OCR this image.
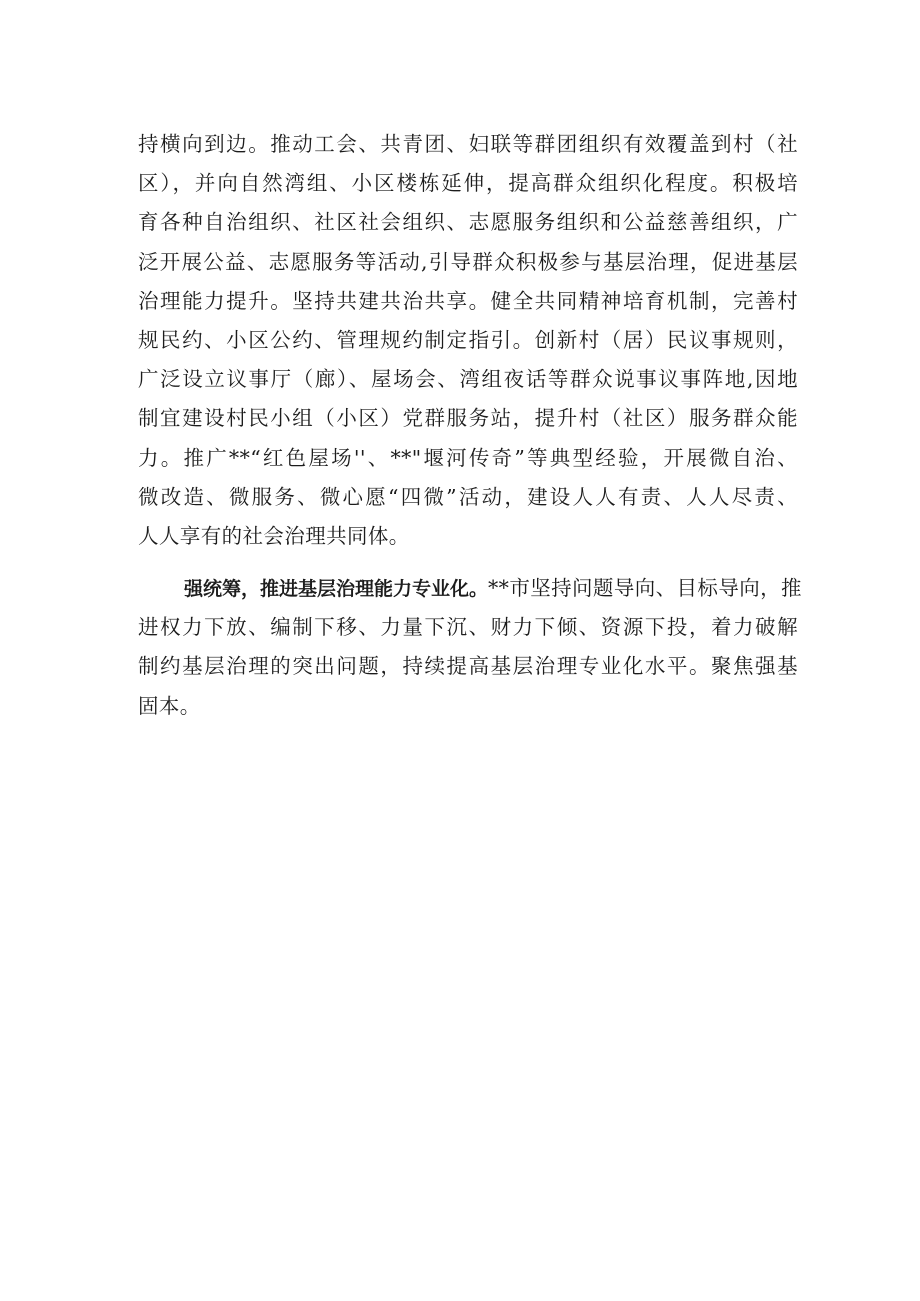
持横向到边。推动工会、共青团、妇联等群团组织有效覆盖到村（社
区），并向自然湾组、小区楼栋延伸，提高群众组织化程度。积极培
育各种自治组织、社区社会组织、志愿服务组织和公益慈善组织，广
泛开展公益、志愿服务等活动,引导群众积极参与基层治理，促进基层
治理能力提升。坚持共建共治共享。健全共同精神培育机制，完善村
规民约、小区公约、管理规约制定指引。创新村（居）民议事规则，
广泛设立议事厅（廊）、屋场会、湾组夜话等群众说事议事阵地,因地
制宜建设村民小组（小区）党群服务站，提升村（社区）服务群众能
力。推广**“红色屋场''、**"堰河传奇”等典型经验，开展微自治、
微改造、微服务、微心愿“四微”活动，建设人人有责、人人尽责、
人人享有的社会治理共同体。
强统筹，推进基层治理能力专业化。**市坚持问题导向、目标导向，推
进权力下放、编制下移、力量下沉、财力下倾、资源下投，着力破解
制约基层治理的突出问题，持续提高基层治理专业化水平。聚焦强基
固本。
